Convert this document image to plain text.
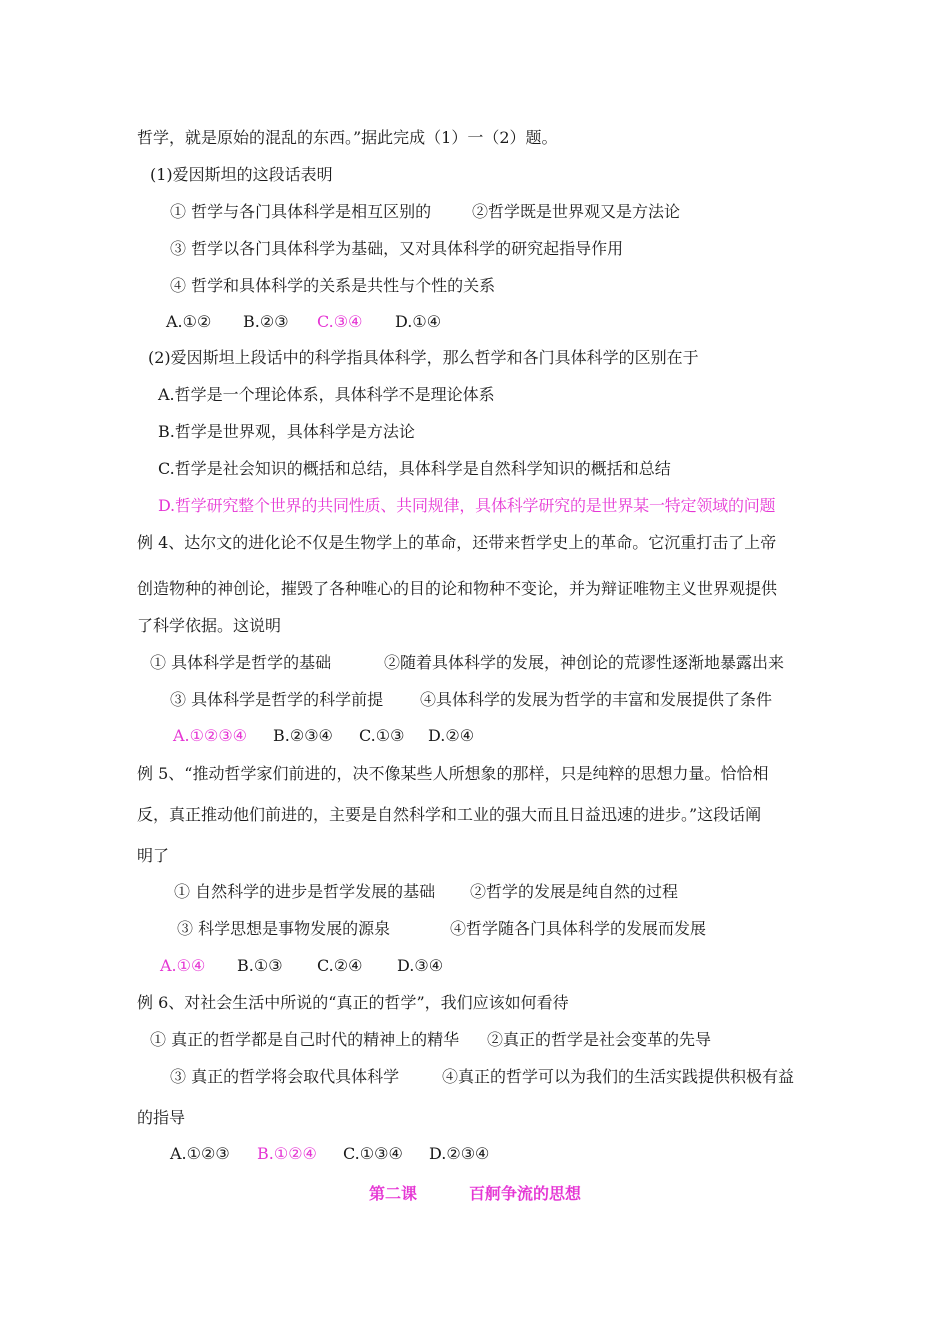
哲学，就是原始的混乱的东西。”据此完成（1）一（2）题。
(1)爱因斯坦的这段话表明
① 哲学与各门具体科学是相互区别的	②哲学既是世界观又是方法论
③ 哲学以各门具体科学为基础，又对具体科学的研究起指导作用
④ 哲学和具体科学的关系是共性与个性的关系
A.①② B.②③ C.③④ D.①④
(2)爱因斯坦上段话中的科学指具体科学，那么哲学和各门具体科学的区别在于
A.哲学是一个理论体系，具体科学不是理论体系
B.哲学是世界观，具体科学是方法论
C.哲学是社会知识的概括和总结，具体科学是自然科学知识的概括和总结
D.哲学研究整个世界的共同性质、共同规律，具体科学研究的是世界某一特定领域的问题
例 4、达尔文的进化论不仅是生物学上的革命，还带来哲学史上的革命。它沉重打击了上帝
创造物种的神创论，摧毁了各种唯心的目的论和物种不变论，并为辩证唯物主义世界观提供
了科学依据。这说明
① 具体科学是哲学的基础	②随着具体科学的发展，神创论的荒谬性逐渐地暴露出来
③ 具体科学是哲学的科学前提 ④具体科学的发展为哲学的丰富和发展提供了条件
A.①②③④ B.②③④ C.①③ D.②④
例 5、“推动哲学家们前进的，决不像某些人所想象的那样，只是纯粹的思想力量。恰恰相
反，真正推动他们前进的，主要是自然科学和工业的强大而且日益迅速的进步。”这段话阐
明了
① 自然科学的进步是哲学发展的基础 ②哲学的发展是纯自然的过程
③ 科学思想是事物发展的源泉	④哲学随各门具体科学的发展而发展
A.①④ B.①③ C.②④ D.③④
例 6、对社会生活中所说的“真正的哲学”，我们应该如何看待
① 真正的哲学都是自己时代的精神上的精华 ②真正的哲学是社会变革的先导
③ 真正的哲学将会取代具体科学	④真正的哲学可以为我们的生活实践提供积极有益
的指导
A.①②③ B.①②④ C.①③④ D.②③④
第二课	百舸争流的思想
